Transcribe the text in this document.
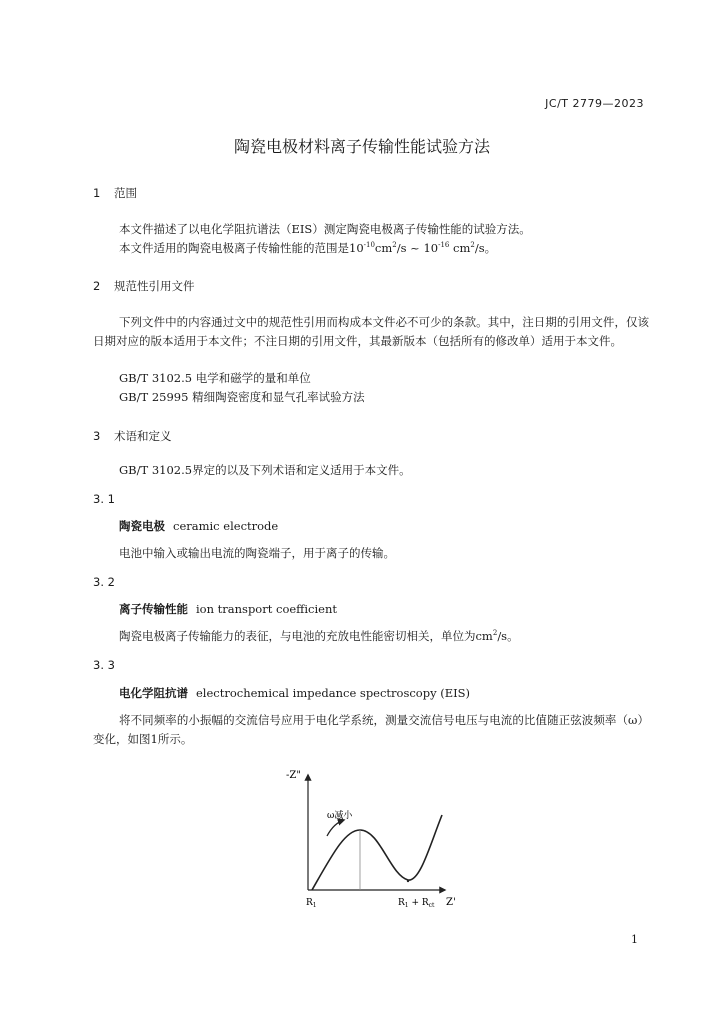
JC/T 2779—2023
陶瓷电极材料离子传输性能试验方法
1 范围
本文件描述了以电化学阻抗谱法（EIS）测定陶瓷电极离子传输性能的试验方法。
本文件适用的陶瓷电极离子传输性能的范围是$10^{-10}cm^2/s$ ~ $10^{-16}$ $cm^2/s$。
2 规范性引用文件
下列文件中的内容通过文中的规范性引用而构成本文件必不可少的条款。其中，注日期的引用文件，仅该日期对应的版本适用于本文件；不注日期的引用文件，其最新版本（包括所有的修改单）适用于本文件。
GB/T 3102.5 电学和磁学的量和单位
GB/T 25995 精细陶瓷密度和显气孔率试验方法
3 术语和定义
GB/T 3102.5界定的以及下列术语和定义适用于本文件。
3. 1
陶瓷电极 ceramic electrode
电池中输入或输出电流的陶瓷端子，用于离子的传输。
3. 2
离子传输性能 ion transport coefficient
陶瓷电极离子传输能力的表征，与电池的充放电性能密切相关，单位为$cm^2/s$。
3. 3
电化学阻抗谱 electrochemical impedance spectroscopy (EIS)
将不同频率的小振幅的交流信号应用于电化学系统，测量交流信号电压与电流的比值随正弦波频率（ω）变化，如图1所示。
-Z"
Z'
ω减小
$R_1$	$R_1 + R_{ct}$
1
